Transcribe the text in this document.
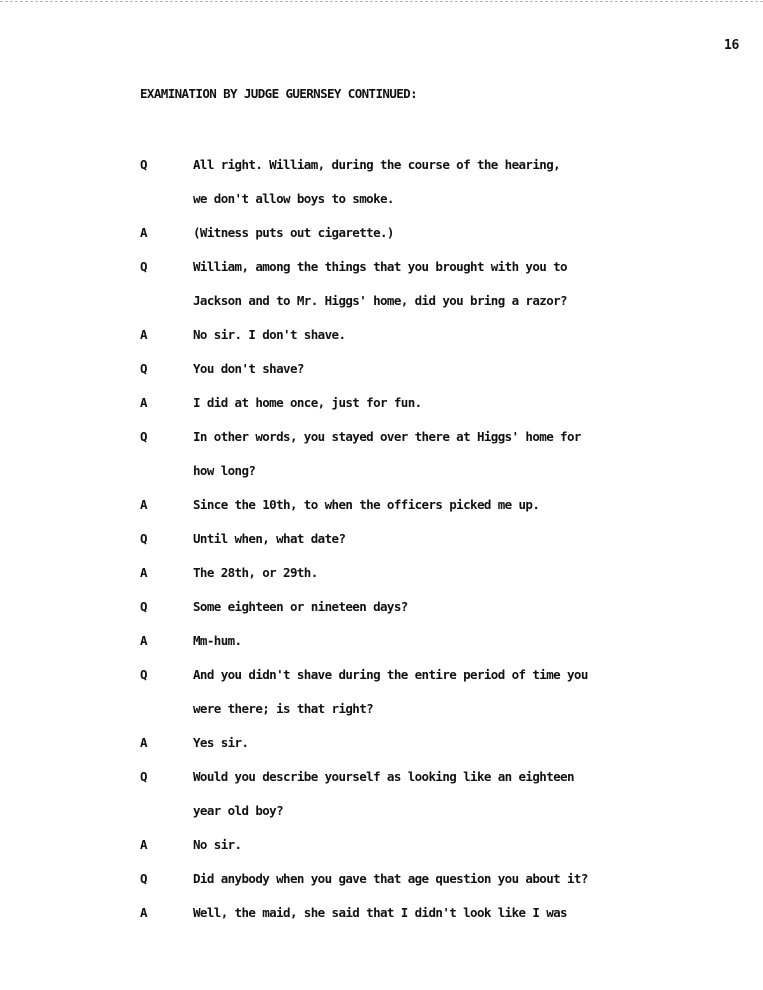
16
EXAMINATION BY JUDGE GUERNSEY CONTINUED:
Q	All right. William, during the course of the hearing,
we don't allow boys to smoke.
A	(Witness puts out cigarette.)
Q	William, among the things that you brought with you to
Jackson and to Mr. Higgs' home, did you bring a razor?
A	No sir. I don't shave.
Q	You don't shave?
A	I did at home once, just for fun.
Q	In other words, you stayed over there at Higgs' home for
how long?
A	Since the 10th, to when the officers picked me up.
Q	Until when, what date?
A	The 28th, or 29th.
Q	Some eighteen or nineteen days?
A	Mm-hum.
Q	And you didn't shave during the entire period of time you
were there; is that right?
A	Yes sir.
Q	Would you describe yourself as looking like an eighteen
year old boy?
A	No sir.
Q	Did anybody when you gave that age question you about it?
A	Well, the maid, she said that I didn't look like I was
